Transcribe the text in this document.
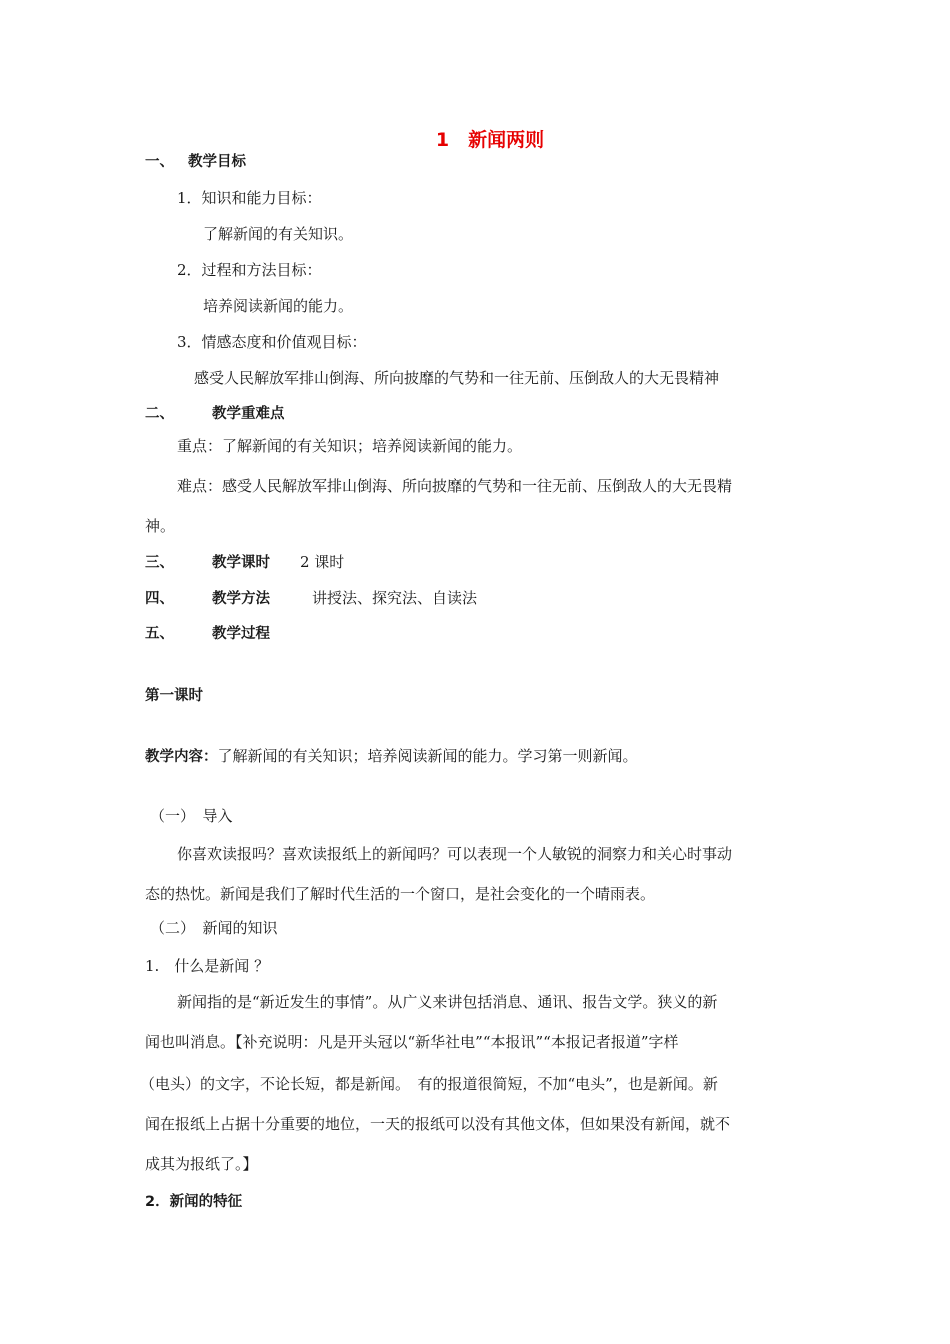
1　新闻两则
一、 教学目标
1．知识和能力目标：
了解新闻的有关知识。
2．过程和方法目标：
培养阅读新闻的能力。
3．情感态度和价值观目标：
感受人民解放军排山倒海、所向披靡的气势和一往无前、压倒敌人的大无畏精神
二、	教学重难点
重点：了解新闻的有关知识；培养阅读新闻的能力。
难点：感受人民解放军排山倒海、所向披靡的气势和一往无前、压倒敌人的大无畏精
神。
三、	教学课时 2 课时
四、	教学方法	讲授法、探究法、自读法
五、	教学过程
第一课时
教学内容：了解新闻的有关知识；培养阅读新闻的能力。学习第一则新闻。
（一）　导入
你喜欢读报吗？喜欢读报纸上的新闻吗？可以表现一个人敏锐的洞察力和关心时事动
态的热忱。新闻是我们了解时代生活的一个窗口，是社会变化的一个晴雨表。
（二）　新闻的知识
1.　什么是新闻 ？
新闻指的是“新近发生的事情”。从广义来讲包括消息、通讯、报告文学。狭义的新
闻也叫消息。【补充说明：凡是开头冠以“新华社电”“本报讯”“本报记者报道”字样
（电头）的文字，不论长短，都是新闻。　有的报道很简短，不加“电头”，也是新闻。新
闻在报纸上占据十分重要的地位，一天的报纸可以没有其他文体，但如果没有新闻，就不
成其为报纸了。】
2．新闻的特征
